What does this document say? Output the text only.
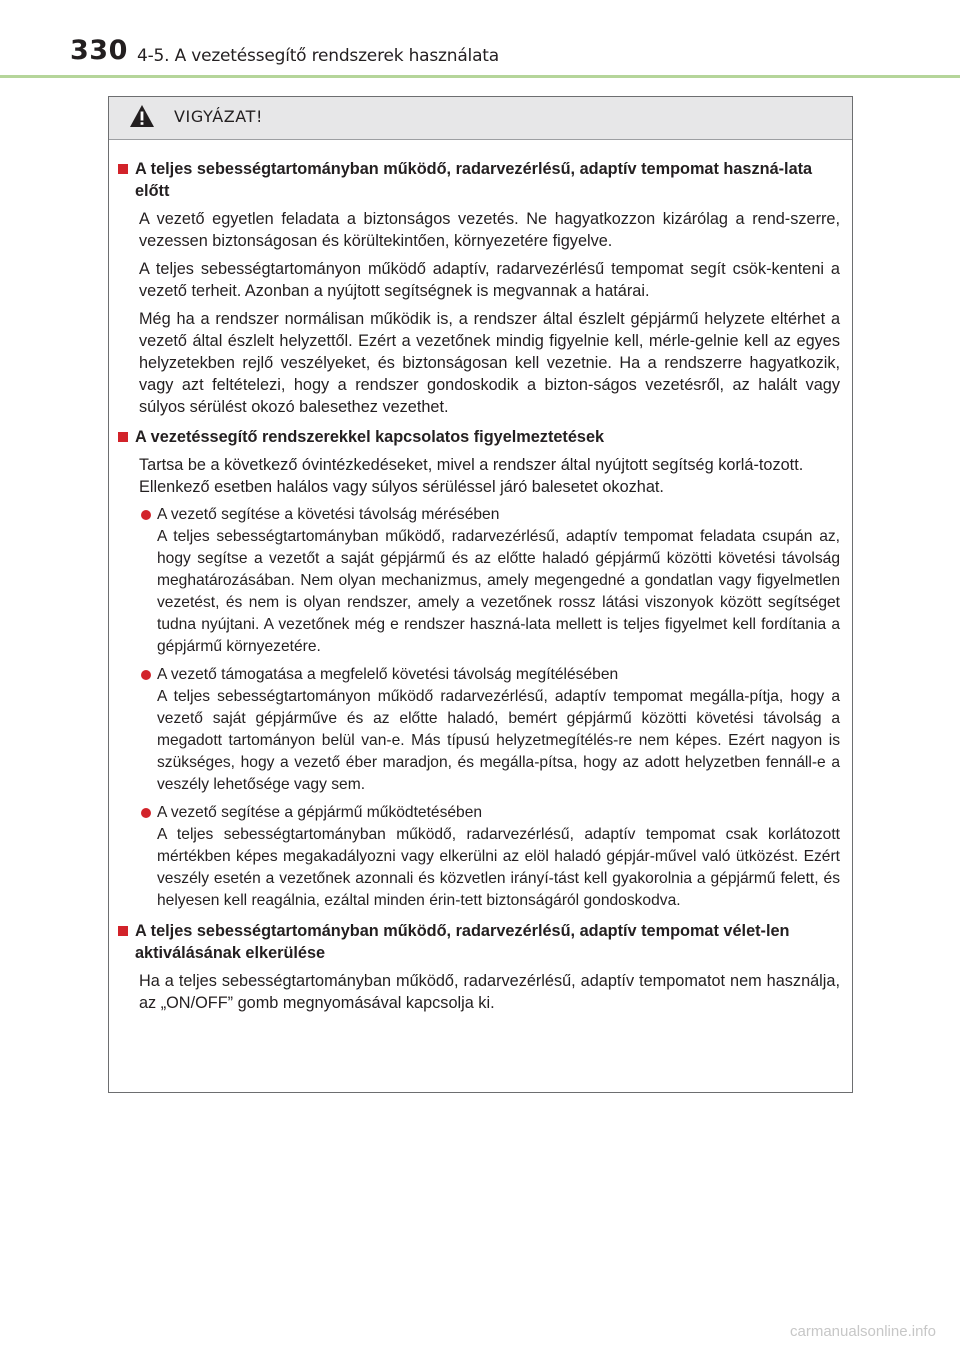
330 4-5. A vezetéssegítő rendszerek használata
VIGYÁZAT!
A teljes sebességtartományban működő, radarvezérlésű, adaptív tempomat haszná-lata előtt

A vezető egyetlen feladata a biztonságos vezetés. Ne hagyatkozzon kizárólag a rend-szerre, vezessen biztonságosan és körültekintően, környezetére figyelve.

A teljes sebességtartományon működő adaptív, radarvezérlésű tempomat segít csök-kenteni a vezető terheit. Azonban a nyújtott segítségnek is megvannak a határai.

Még ha a rendszer normálisan működik is, a rendszer által észlelt gépjármű helyzete eltérhet a vezető által észlelt helyzettől. Ezért a vezetőnek mindig figyelnie kell, mérle-gelnie kell az egyes helyzetekben rejlő veszélyeket, és biztonságosan kell vezetnie. Ha a rendszerre hagyatkozik, vagy azt feltételezi, hogy a rendszer gondoskodik a bizton-ságos vezetésről, az halált vagy súlyos sérülést okozó balesethez vezethet.

A vezetéssegítő rendszerekkel kapcsolatos figyelmeztetések

Tartsa be a következő óvintézkedéseket, mivel a rendszer által nyújtott segítség korlá-tozott.
Ellenkező esetben halálos vagy súlyos sérüléssel járó balesetet okozhat.

A vezető segítése a követési távolság mérésében
A teljes sebességtartományban működő, radarvezérlésű, adaptív tempomat feladata csupán az, hogy segítse a vezetőt a saját gépjármű és az előtte haladó gépjármű közötti követési távolság meghatározásában. Nem olyan mechanizmus, amely megengedné a gondatlan vagy figyelmetlen vezetést, és nem is olyan rendszer, amely a vezetőnek rossz látási viszonyok között segítséget tudna nyújtani. A vezetőnek még e rendszer haszná-lata mellett is teljes figyelmet kell fordítania a gépjármű környezetére.
A vezető támogatása a megfelelő követési távolság megítélésében
A teljes sebességtartományon működő radarvezérlésű, adaptív tempomat megálla-pítja, hogy a vezető saját gépjárműve és az előtte haladó, bemért gépjármű közötti követési távolság a megadott tartományon belül van-e. Más típusú helyzetmegítélés-re nem képes. Ezért nagyon is szükséges, hogy a vezető éber maradjon, és megálla-pítsa, hogy az adott helyzetben fennáll-e a veszély lehetősége vagy sem.
A vezető segítése a gépjármű működtetésében
A teljes sebességtartományban működő, radarvezérlésű, adaptív tempomat csak korlátozott mértékben képes megakadályozni vagy elkerülni az elöl haladó gépjár-művel való ütközést. Ezért veszély esetén a vezetőnek azonnali és közvetlen irányí-tást kell gyakorolnia a gépjármű felett, és helyesen kell reagálnia, ezáltal minden érin-tett biztonságáról gondoskodva.
A teljes sebességtartományban működő, radarvezérlésű, adaptív tempomat vélet-len aktiválásának elkerülése

Ha a teljes sebességtartományban működő, radarvezérlésű, adaptív tempomatot nem használja, az „ON/OFF” gomb megnyomásával kapcsolja ki.

carmanualsonline.info
